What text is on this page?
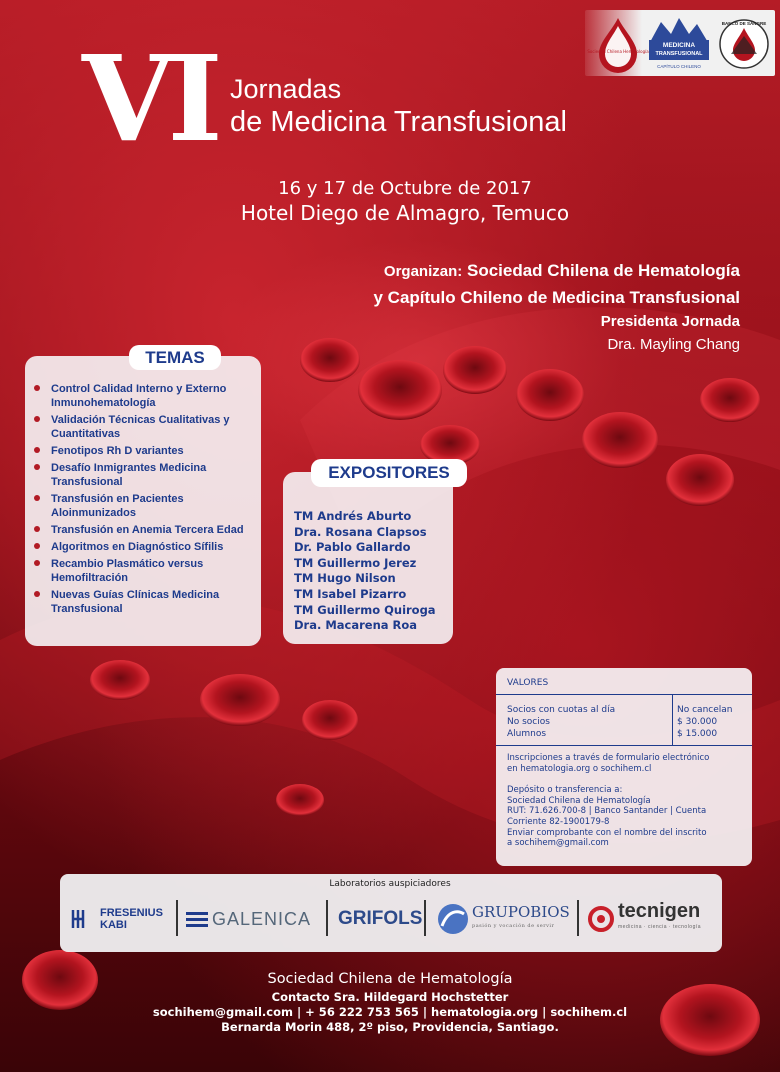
Sociedad Chilena Hematología
MEDICINA
TRANSFUSIONAL
CAPÍTULO CHILENO
BANCO DE SANGRE
VI Jornadas
de Medicina Transfusional
16 y 17 de Octubre de 2017
Hotel Diego de Almagro, Temuco
Organizan: Sociedad Chilena de Hematología
y Capítulo Chileno de Medicina Transfusional
Presidenta Jornada
Dra. Mayling Chang
TEMAS
Control Calidad Interno y Externo Inmunohematología
Validación Técnicas Cualitativas y Cuantitativas
Fenotipos Rh D variantes
Desafío Inmigrantes Medicina Transfusional
Transfusión en Pacientes Aloinmunizados
Transfusión en Anemia Tercera Edad
Algoritmos en Diagnóstico Sífilis
Recambio Plasmático versus Hemofiltración
Nuevas Guías Clínicas Medicina Transfusional
EXPOSITORES
TM Andrés Aburto
Dra. Rosana Clapsos
Dr. Pablo Gallardo
TM Guillermo Jerez
TM Hugo Nilson
TM Isabel Pizarro
TM Guillermo Quiroga
Dra. Macarena Roa
VALORES
Socios con cuotas al día	No cancelan
No socios	$ 30.000
Alumnos	$ 15.000

Inscripciones a través de formulario electrónico
en hematologia.org o sochihem.cl

Depósito o transferencia a:
Sociedad Chilena de Hematología
RUT: 71.626.700-8 | Banco Santander | Cuenta
Corriente 82-1900179-8
Enviar comprobante con el nombre del inscrito
a sochihem@gmail.com

Laboratorios auspiciadores
FRESENIUS
KABI	GALENICA GRIFOLS	GRUPOBIOS
pasión y vocación de servir
tecnigen
medicina · ciencia · tecnología
Sociedad Chilena de Hematología
Contacto Sra. Hildegard Hochstetter
sochihem@gmail.com | + 56 222 753 565 | hematologia.org | sochihem.cl
Bernarda Morin 488, 2º piso, Providencia, Santiago.
